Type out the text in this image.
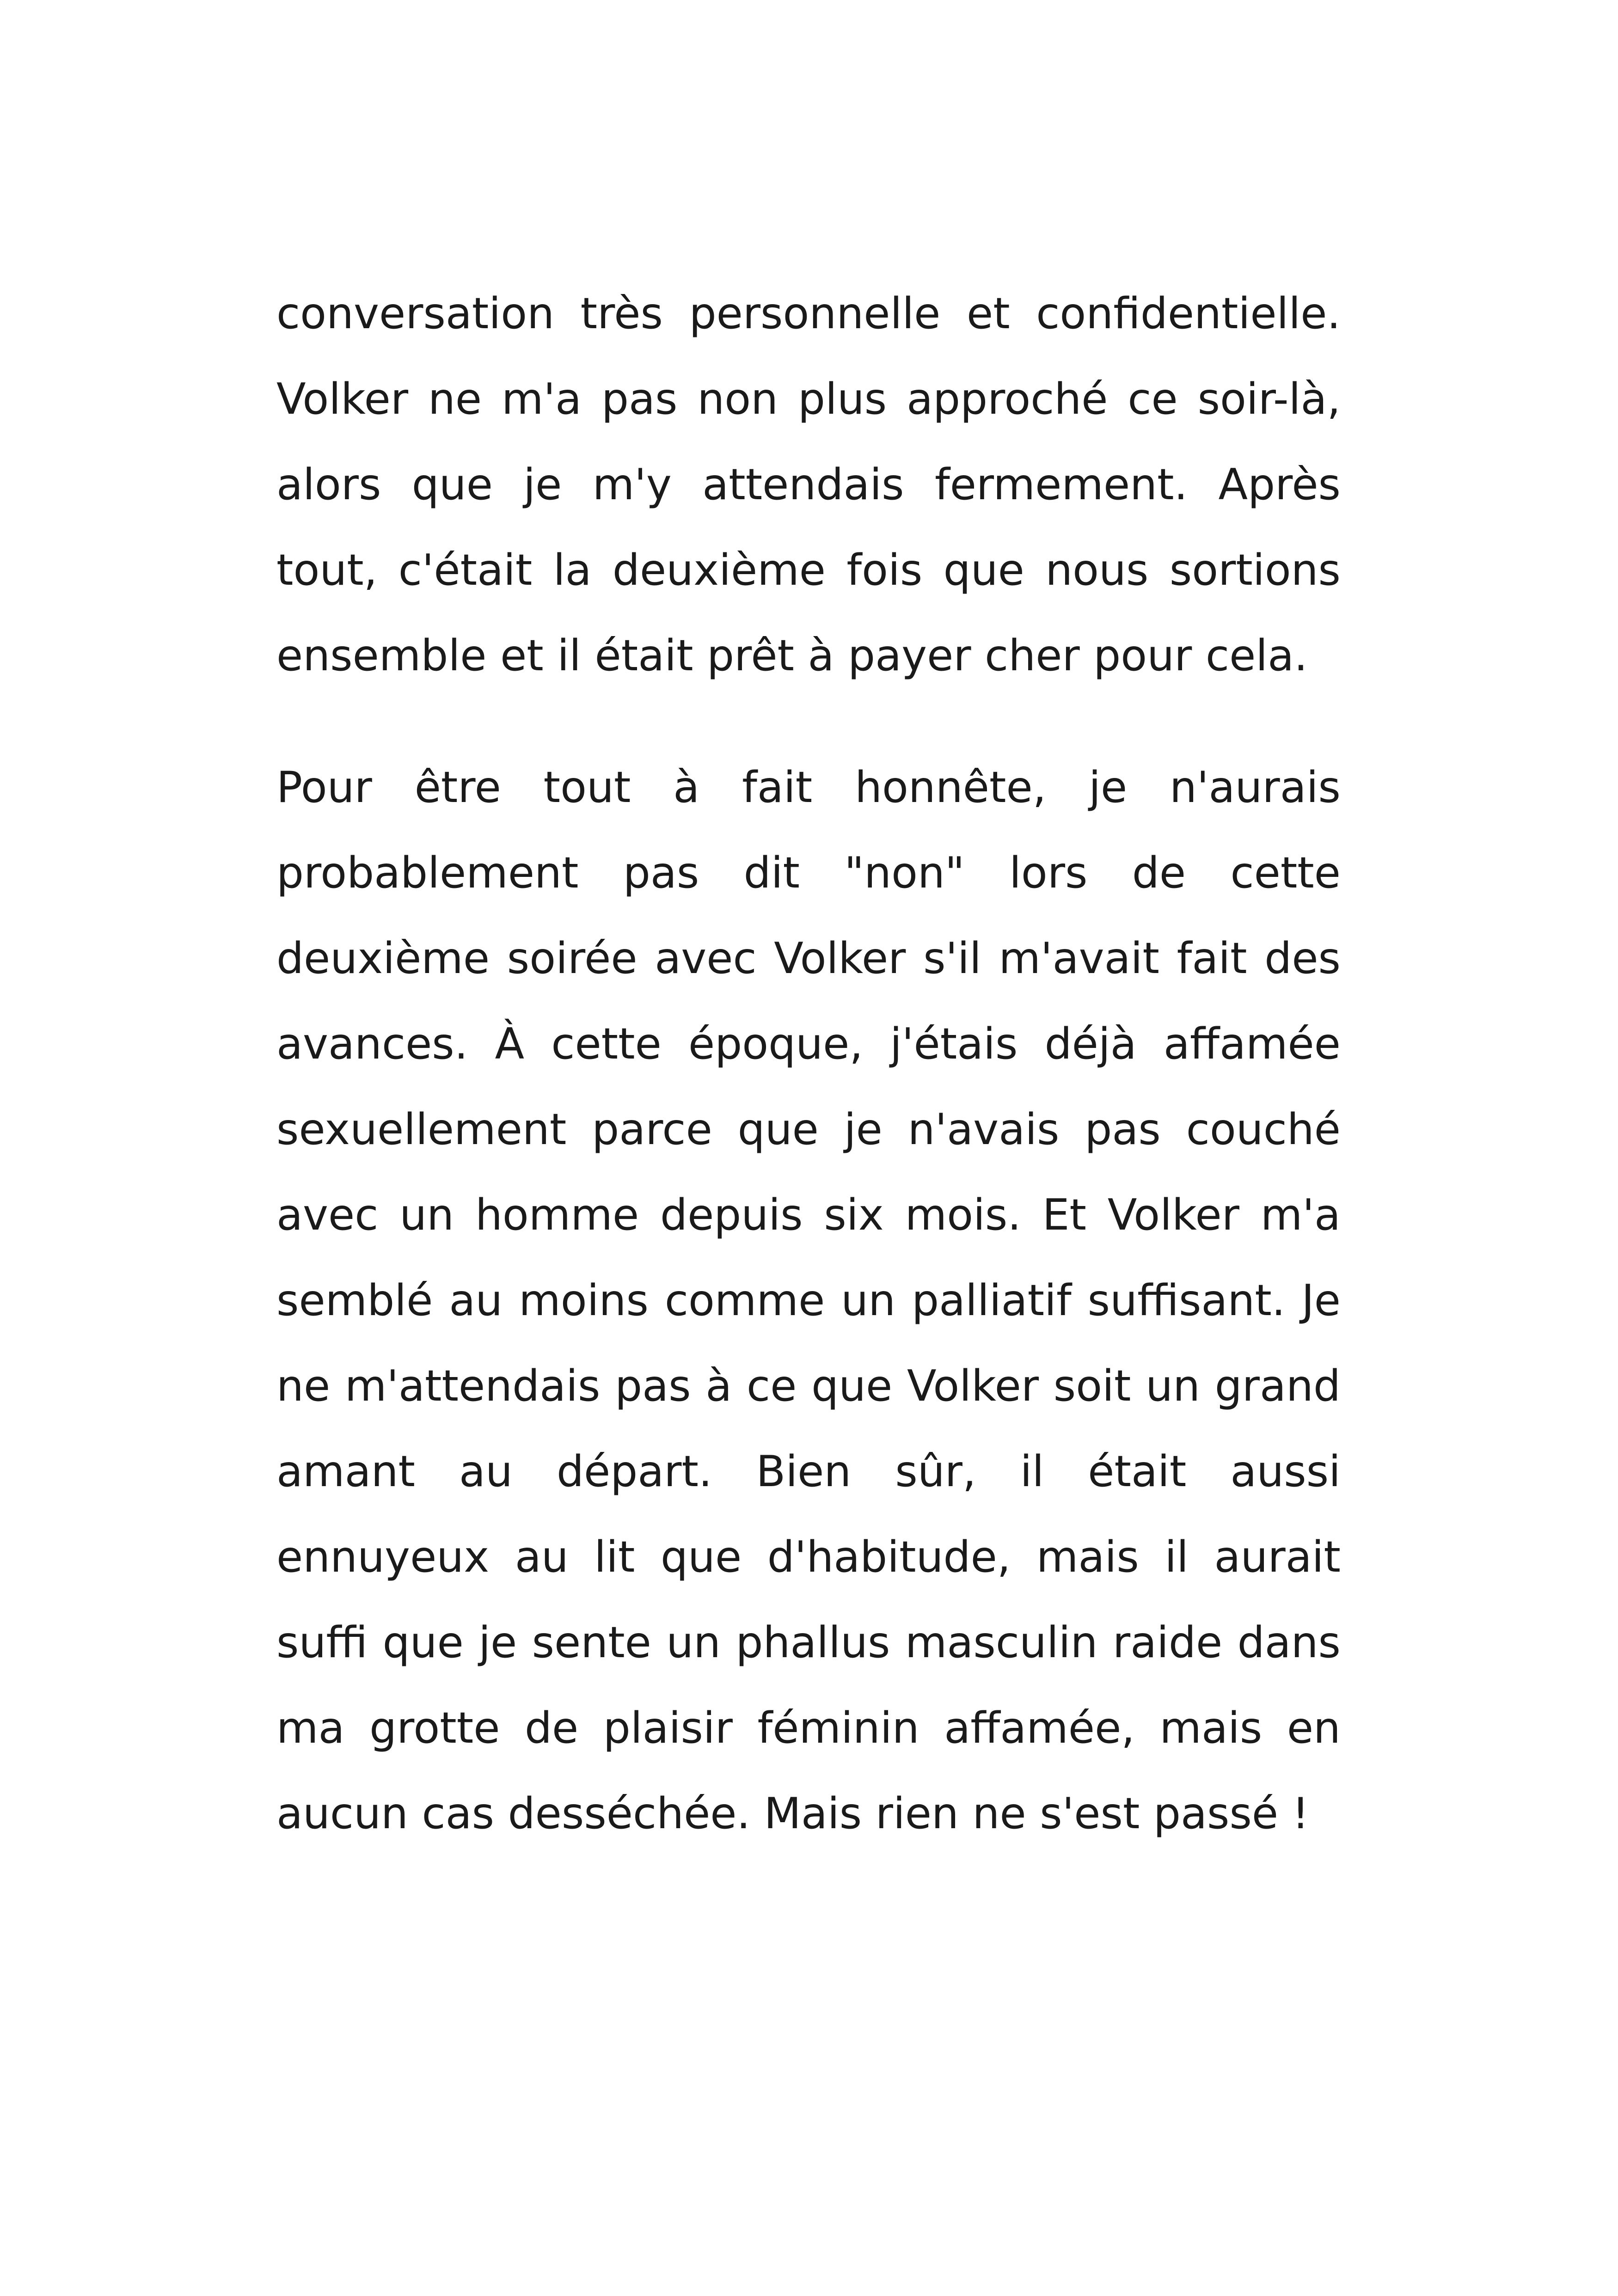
conversation très personnelle et confidentielle. Volker ne m'a pas non plus approché ce soir-là, alors que je m'y attendais fermement. Après tout, c'était la deuxième fois que nous sortions ensemble et il était prêt à payer cher pour cela.

Pour être tout à fait honnête, je n'aurais probablement pas dit "non" lors de cette deuxième soirée avec Volker s'il m'avait fait des avances. À cette époque, j'étais déjà affamée sexuellement parce que je n'avais pas couché avec un homme depuis six mois. Et Volker m'a semblé au moins comme un palliatif suffisant. Je ne m'attendais pas à ce que Volker soit un grand amant au départ. Bien sûr, il était aussi ennuyeux au lit que d'habitude, mais il aurait suffi que je sente un phallus masculin raide dans ma grotte de plaisir féminin affamée, mais en aucun cas desséchée. Mais rien ne s'est passé !
